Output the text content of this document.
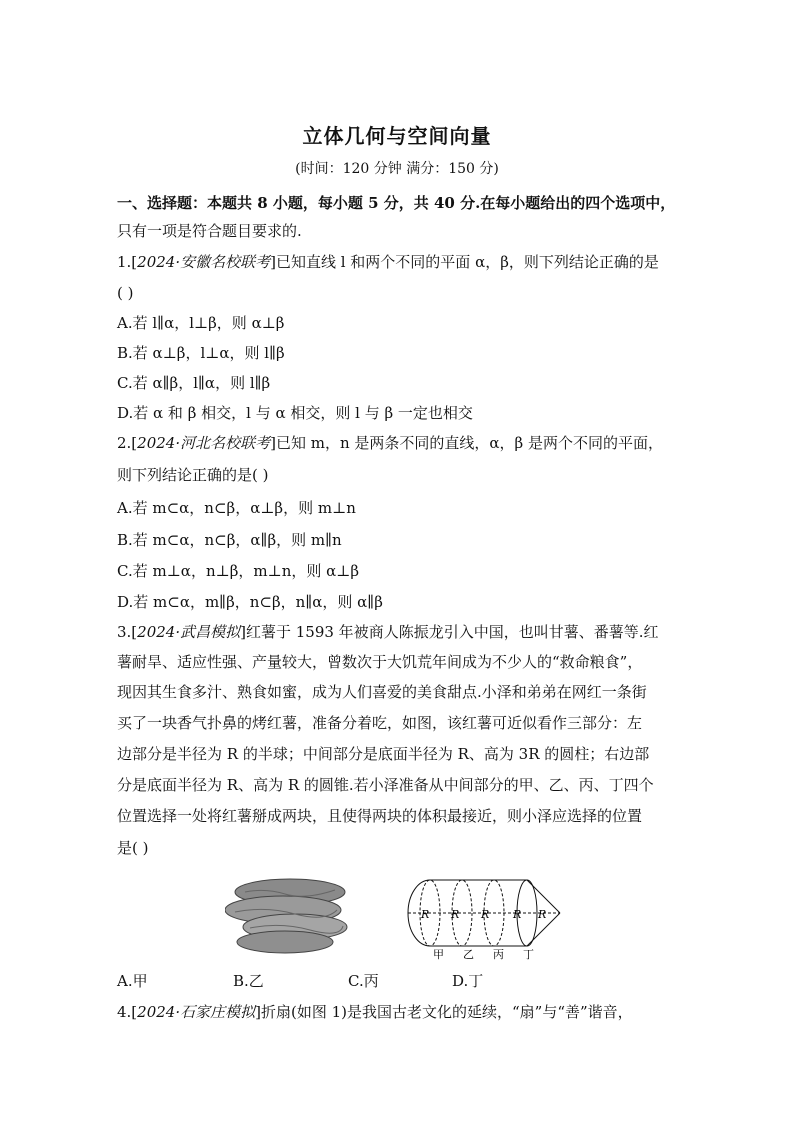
立体几何与空间向量
(时间：120 分钟 满分：150 分)
一、选择题：本题共 8 小题，每小题 5 分，共 40 分.在每小题给出的四个选项中，
只有一项是符合题目要求的.
1.[2024·安徽名校联考]已知直线 l 和两个不同的平面 α，β，则下列结论正确的是
( )
A.若 l∥α，l⊥β，则 α⊥β
B.若 α⊥β，l⊥α，则 l∥β
C.若 α∥β，l∥α，则 l∥β
D.若 α 和 β 相交，l 与 α 相交，则 l 与 β 一定也相交
2.[2024·河北名校联考]已知 m，n 是两条不同的直线，α，β 是两个不同的平面，
则下列结论正确的是( )
A.若 m⊂α，n⊂β，α⊥β，则 m⊥n
B.若 m⊂α，n⊂β，α∥β，则 m∥n
C.若 m⊥α，n⊥β，m⊥n，则 α⊥β
D.若 m⊂α，m∥β，n⊂β，n∥α，则 α∥β
3.[2024·武昌模拟]红薯于 1593 年被商人陈振龙引入中国，也叫甘薯、番薯等.红
薯耐旱、适应性强、产量较大，曾数次于大饥荒年间成为不少人的“救命粮食”，
现因其生食多汁、熟食如蜜，成为人们喜爱的美食甜点.小泽和弟弟在网红一条街
买了一块香气扑鼻的烤红薯，准备分着吃，如图，该红薯可近似看作三部分：左
边部分是半径为 R 的半球；中间部分是底面半径为 R、高为 3R 的圆柱；右边部
分是底面半径为 R、高为 R 的圆锥.若小泽准备从中间部分的甲、乙、丙、丁四个
位置选择一处将红薯掰成两块，且使得两块的体积最接近，则小泽应选择的位置
是( )
R R R R R
甲 乙 丙 丁
A.甲	B.乙	C.丙	D.丁
4.[2024·石家庄模拟]折扇(如图 1)是我国古老文化的延续，“扇”与“善”谐音，
